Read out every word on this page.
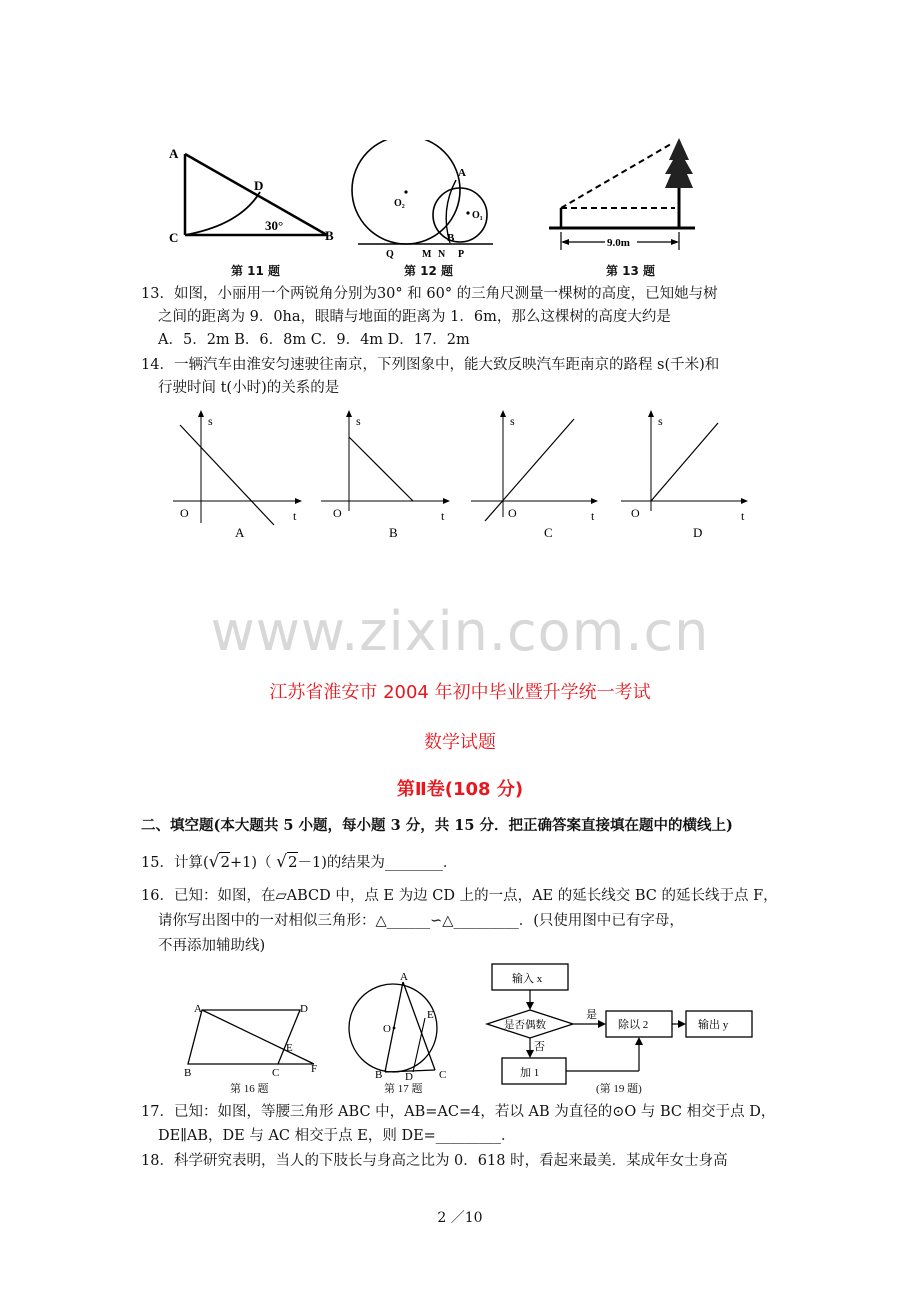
A
D
C	B
30°
第 11 题
A
O₂
O₁
B
Q	M N P
第 12 题
9.0m
第 13 题
13．如图，小丽用一个两锐角分别为30° 和 60° 的三角尺测量一棵树的高度，已知她与树
之间的距离为 9．0ha，眼睛与地面的距离为 1．6m，那么这棵树的高度大约是
A．5．2m B．6．8m C．9．4m D．17．2m
14．一辆汽车由淮安匀速驶往南京，下列图象中，能大致反映汽车距南京的路程 s(千米)和
行驶时间 t(小时)的关系的是
s
t
O
A
s
t
O
B
s
t
O
C
s
t
O
D
www.zixin.com.cn
江苏省淮安市 2004 年初中毕业暨升学统一考试
数学试题
第Ⅱ卷(108 分)
二、填空题(本大题共 5 小题，每小题 3 分，共 15 分．把正确答案直接填在题中的横线上)
15．计算(√2+1)（ √2－1)的结果为________．
16．已知：如图，在▱ABCD 中，点 E 为边 CD 上的一点，AE 的延长线交 BC 的延长线于点 F，
请你写出图中的一对相似三角形：△______∽△_________．(只使用图中已有字母，
不再添加辅助线)
A	D
E
B	C	F
第 16 题
A
O
E
B D C
第 17 题
输入 x
是否偶数
是
否
除以 2	输出 y
加 1
(第 19 题)
17．已知：如图，等腰三角形 ABC 中，AB=AC=4，若以 AB 为直径的⊙O 与 BC 相交于点 D，
DE∥AB，DE 与 AC 相交于点 E，则 DE=_________．
18．科学研究表明，当人的下肢长与身高之比为 0．618 时，看起来最美．某成年女士身高
2 ／10
